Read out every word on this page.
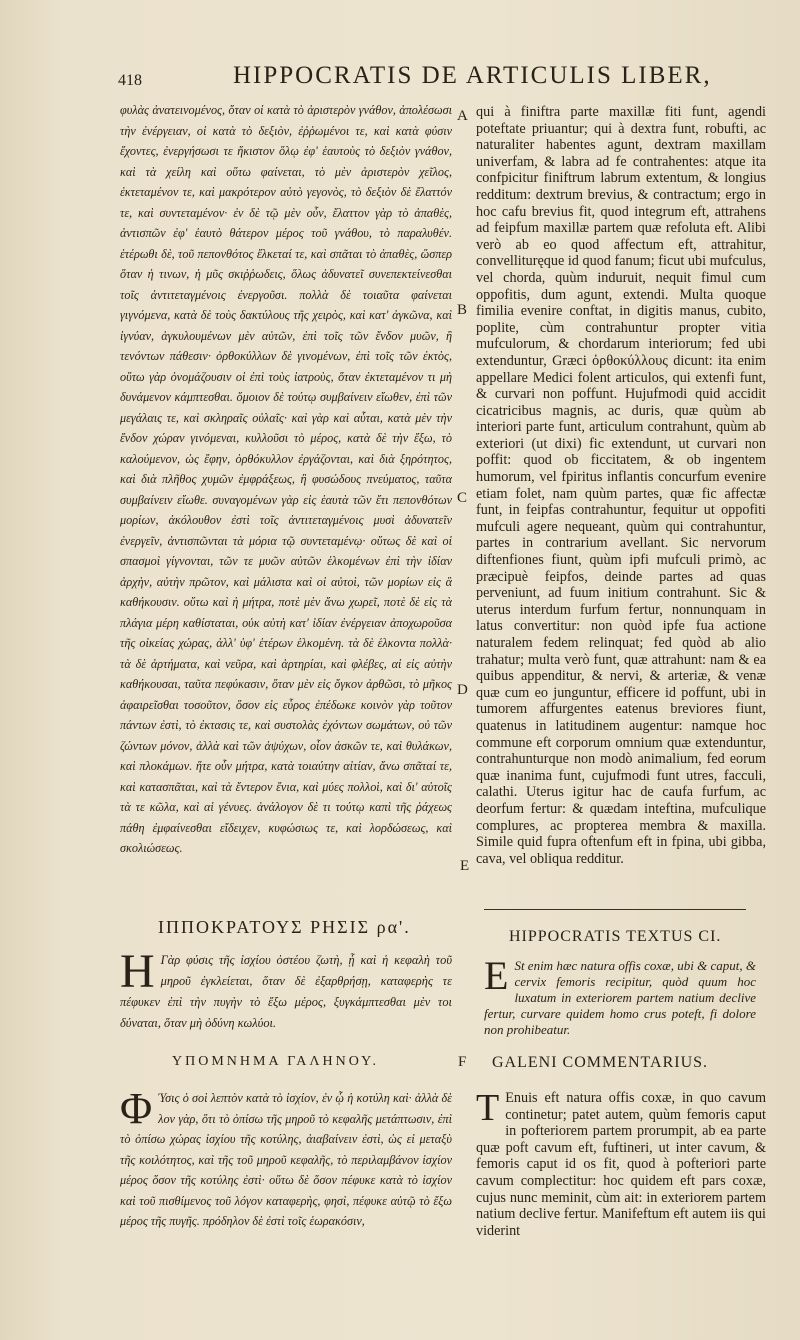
418	HIPPOCRATIS DE ARTICULIS LIBER,

φυλὰς ἀνατεινομένος, ὅταν οἱ κατὰ τὸ ἀριστερὸν γνάθον, ἀπολέσωσι τὴν ἐνέργειαν, οἱ κατὰ τὸ δεξιὸν, ἐῤῥωμένοι τε, καὶ κατὰ φύσιν ἔχοντες, ἐνεργήσωσι τε ἥκιστον ὅλῳ ἐφ' ἑαυτοὺς τὸ δεξιὸν γνάθον, καὶ τὰ χείλη καὶ οὕτω φαίνεται, τὸ μὲν ἀριστερὸν χεῖλος, ἐκτεταμένον τε, καὶ μακρότερον αὐτὸ γεγονὸς, τὸ δεξιὸν δὲ ἔλαττόν τε, καὶ συντεταμένον· ἐν δὲ τῷ μὲν οὖν, ἔλαττον γὰρ τὸ ἀπαθὲς, ἀντισπῶν ἐφ' ἑαυτὸ θάτερον μέρος τοῦ γνάθου, τὸ παραλυθέν. ἑτέρωθι δὲ, τοῦ πεπονθότος ἕλκεταί τε, καὶ σπᾶται τὸ ἀπαθὲς, ὥσπερ ὅταν ἡ τινων, ἡ μῦς σκιῤῥωδεις, ὅλως ἀδυνατεῖ συνεπεκτείνεσθαι τοῖς ἀντιτεταγμένοις ἐνεργοῦσι. πολλὰ δὲ τοιαῦτα φαίνεται γιγνόμενα, κατὰ δὲ τοὺς δακτύλους τῆς χειρὸς, καὶ κατ' ἀγκῶνα, καὶ ἰγνύαν, ἀγκυλουμένων μὲν αὐτῶν, ἐπὶ τοῖς τῶν ἔνδον μυῶν, ἢ τενόντων πάθεσιν· ὀρθοκύλλων δὲ γινομένων, ἐπὶ τοῖς τῶν ἐκτὸς, οὕτω γὰρ ὀνομάζουσιν οἱ ἐπὶ τοὺς ἰατροὺς, ὅταν ἐκτεταμένον τι μὴ δυνάμενον κάμπτεσθαι. ὅμοιον δὲ τούτῳ συμβαίνειν εἴωθεν, ἐπὶ τῶν μεγάλαις τε, καὶ σκληραῖς οὐλαῖς· καὶ γὰρ καὶ αὗται, κατὰ μὲν τὴν ἔνδον χώραν γινόμεναι, κυλλοῦσι τὸ μέρος, κατὰ δὲ τὴν ἔξω, τὸ καλούμενον, ὡς ἔφην, ὀρθόκυλλον ἐργάζονται, καὶ διὰ ξηρότητος, καὶ διὰ πλῆθος χυμῶν ἐμφράξεως, ἢ φυσώδους πνεύματος, ταῦτα συμβαίνειν εἴωθε. συναγομένων γὰρ εἰς ἑαυτὰ τῶν ἔτι πεπονθότων μορίων, ἀκόλουθον ἐστὶ τοῖς ἀντιτεταγμένοις μυσὶ ἀδυνατεῖν ἐνεργεῖν, ἀντισπῶνται τὰ μόρια τῷ συντεταμένῳ· οὕτως δὲ καὶ οἱ σπασμοὶ γίγνονται, τῶν τε μυῶν αὐτῶν ἑλκομένων ἐπὶ τὴν ἰδίαν ἀρχὴν, αὐτὴν πρῶτον, καὶ μάλιστα καὶ οἱ αὐτοὶ, τῶν μορίων εἰς ἃ καθήκουσιν. οὕτω καὶ ἡ μήτρα, ποτὲ μὲν ἄνω χωρεῖ, ποτὲ δὲ εἰς τὰ πλάγια μέρη καθίσταται, οὐκ αὐτὴ κατ' ἰδίαν ἐνέργειαν ἀποχωροῦσα τῆς οἰκείας χώρας, ἀλλ' ὑφ' ἑτέρων ἑλκομένη. τὰ δὲ ἑλκοντα πολλὰ· τὰ δὲ ἀρτήματα, καὶ νεῦρα, καὶ ἀρτηρίαι, καὶ φλέβες, αἱ εἰς αὐτὴν καθήκουσαι, ταῦτα πεφύκασιν, ὅταν μὲν εἰς ὄγκον ἀρθῶσι, τὸ μῆκος ἀφαιρεῖσθαι τοσοῦτον, ὅσον εἰς εὖρος ἐπέδωκε κοινὸν γὰρ τοῦτον πάντων ἐστὶ, τὸ ἐκτασις τε, καὶ συστολὰς ἐχόντων σωμάτων, οὐ τῶν ζώντων μόνον, ἀλλὰ καὶ τῶν ἀψύχων, οἷον ἀσκῶν τε, καὶ θυλάκων, καὶ πλοκάμων. ἥτε οὖν μήτρα, κατὰ τοιαύτην αἰτίαν, ἄνω σπᾶταί τε, καὶ κατασπᾶται, καὶ τὰ ἔντερον ἔνια, καὶ μύες πολλοὶ, καὶ δι' αὐτοῖς τὰ τε κῶλα, καὶ αἱ γένυες. ἀνάλογον δὲ τι τούτῳ καπὶ τῆς ῥάχεως πάθη ἐμφαίνεσθαι εἴδειχεν, κυφώσιως τε, καὶ λορδώσεως, καὶ σκολιώσεως.

A
B
C
D
E
F

qui à finiftra parte maxillæ fiti funt, agendi poteftate priuantur; qui à dextra funt, robufti, ac naturaliter habentes agunt, dextram maxillam univerfam, & labra ad fe contrahentes: atque ita confpicitur finiftrum labrum extentum, & longius redditum: dextrum brevius, & contractum; ergo in hoc cafu brevius fit, quod integrum eft, attrahens ad feipfum maxillæ partem quæ refoluta eft. Alibi verò ab eo quod affectum eft, attrahitur, convellituręque id quod fanum; ficut ubi mufculus, vel chorda, quùm induruit, nequit fimul cum oppofitis, dum agunt, extendi. Multa quoque fimilia evenire conftat, in digitis manus, cubito, poplite, cùm contrahuntur propter vitia mufculorum, & chordarum interiorum; fed ubi extenduntur, Græci ὀρθοκύλλους dicunt: ita enim appellare Medici folent articulos, qui extenfi funt, & curvari non poffunt. Hujufmodi quid accidit cicatricibus magnis, ac duris, quæ quùm ab interiori parte funt, articulum contrahunt, quùm ab exteriori (ut dixi) fic extendunt, ut curvari non poffit: quod ob ficcitatem, & ob ingentem humorum, vel fpiritus inflantis concurfum evenire etiam folet, nam quùm partes, quæ fic affectæ funt, in feipfas contrahuntur, fequitur ut oppofiti mufculi agere nequeant, quùm qui contrahuntur, partes in contrarium avellant. Sic nervorum diftenfiones fiunt, quùm ipfi mufculi primò, ac præcipuè feipfos, deinde partes ad quas perveniunt, ad fuum initium contrahunt. Sic & uterus interdum furfum fertur, nonnunquam in latus convertitur: non quòd ipfe fua actione naturalem fedem relinquat; fed quòd ab alio trahatur; multa verò funt, quæ attrahunt: nam & ea quibus appenditur, & nervi, & arteriæ, & venæ quæ cum eo junguntur, efficere id poffunt, ubi in tumorem affurgentes eatenus breviores fiunt, quatenus in latitudinem augentur: namque hoc commune eft corporum omnium quæ extenduntur, contrahunturque non modò animalium, fed eorum quæ inanima funt, cujufmodi funt utres, facculi, calathi. Uterus igitur hac de caufa furfum, ac deorfum fertur: & quædam inteftina, mufculique complures, ac propterea membra & maxilla. Simile quid fupra oftenfum eft in fpina, ubi gibba, cava, vel obliqua redditur.

ΙΠΠΟΚΡΑΤΟΥΣ ΡΗΣΙΣ ρα'.

Η Γὰρ φύσις τῆς ἰσχίου ὀστέου ζωτὴ, ᾗ καὶ ἡ κεφαλὴ τοῦ μηροῦ ἐγκλείεται, ὅταν δὲ ἐξαρθρήσῃ, καταφερὴς τε πέφυκεν ἐπὶ τὴν πυγὴν τὸ ἔξω μέρος, ξυγκάμπτεσθαι μὲν τοι δύναται, ὅταν μὴ ὀδύνη κωλύοι.

HIPPOCRATIS TEXTUS CI.

E St enim hæc natura offis coxæ, ubi & caput, & cervix femoris recipitur, quòd quum hoc luxatum in exteriorem partem natium declive fertur, curvare quidem homo crus poteft, fi dolore non prohibeatur.

ΥΠΟΜΝΗΜΑ ΓΑΛΗΝΟΥ.	GALENI COMMENTARIUS.

Φ Ύσις ὁ σοὶ λεπτὸν κατὰ τὸ ἰσχίον, ἐν ᾧ ἡ κοτύλη καὶ· ἀλλὰ δὲ λον γὰρ, ὅτι τὸ ὀπίσω τῆς μηροῦ τὸ κεφαλῆς μετάπτωσιν, ἐπὶ τὸ ὀπίσω χώρας ἰσχίου τῆς κοτύλης, ἀιαβαίνειν ἐστὶ, ὡς εἰ μεταξὺ τῆς κοιλότητος, καὶ τῆς τοῦ μηροῦ κεφαλῆς, τὸ περιλαμβάνον ἰσχίον μέρος ὅσον τῆς κοτύλης ἐστὶ· οὕτω δὲ ὅσον πέφυκε κατὰ τὸ ἰσχίον καὶ τοῦ πισθίμενος τοῦ λόγον καταφερὴς, φησὶ, πέφυκε αὐτῷ τὸ ἔξω μέρος τῆς πυγῆς. πρόδηλον δὲ ἐστὶ τοῖς ἑωρακόσιν,

T Enuis eft natura offis coxæ, in quo cavum continetur; patet autem, quùm femoris caput in pofteriorem partem prorumpit, ab ea parte quæ poft cavum eft, fuftineri, ut inter cavum, & femoris caput id os fit, quod à pofteriori parte cavum complectitur: hoc quidem eft pars coxæ, cujus nunc meminit, cùm ait: in exteriorem partem natium declive fertur. Manifeftum eft autem iis qui viderint
